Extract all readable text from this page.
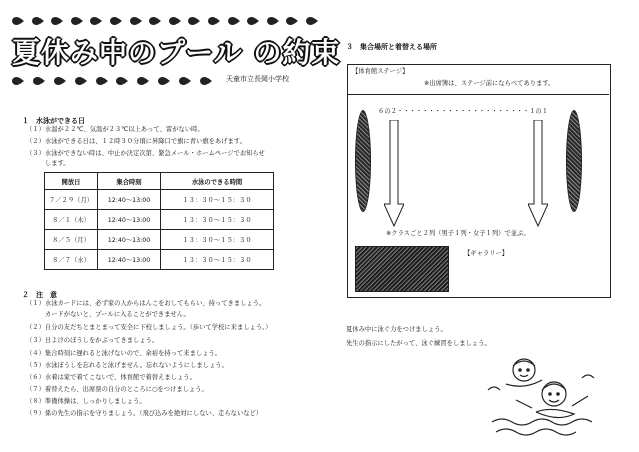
夏休み中のプール の約束
天童市立長岡小学校
１　水泳ができる日
（１）水温が２２℃、気温が２３℃以上あって、雷がない時。
（２）水泳ができる日は、１２時３０分頃に昇降口で旗に青い旗をあげます。
（３）水泳ができない時は、中止か決定次第、緊急メール・ホームページでお知らせ
　　　します。
開放日	集合時刻	水泳のできる時間
７／２９（月）	12:40～13:00	１３：３０～１５：３０
８／１（木）	12:40～13:00	１３：３０～１５：３０
８／５（月）	12:40～13:00	１３：３０～１５：３０
８／７（水）	12:40～13:00	１３：３０～１５：３０
２　注　意
（１）水泳カードには、必ず家の人からはんこをおしてもらい、持ってきましょう。
　　　カードがないと、プールに入ることができません。
（２）自分の友だちとまとまって安全に下校しましょう。（歩いて学校に来ましょう。）
（３）日よけのぼうしをかぶってきましょう。
（４）集合時刻に遅れると泳げないので、余裕を持って来ましょう。
（５）水泳ぼうしを忘れると泳げません。忘れないようにしましょう。
（６）水着は家で着てこないで、体育館で着替えましょう。
（７）着替えたら、出席票の自分のところに○をつけましょう。
（８）準備体操は、しっかりしましょう。
（９）係の先生の指示を守りましょう。（飛び込みを絶対にしない、走らないなど）
３　集合場所と着替える場所
【体育館ステージ】
※出席簿は、ステージ前にならべてあります。
６の２・・・・・・・・・・・・・・・・・・・・・１の１
※クラスごと２列（男子１列・女子１列）で並ぶ。
【ギャラリー】
夏休み中に泳ぐ力をつけましょう。
先生の指示にしたがって、泳ぐ練習をしましょう。
